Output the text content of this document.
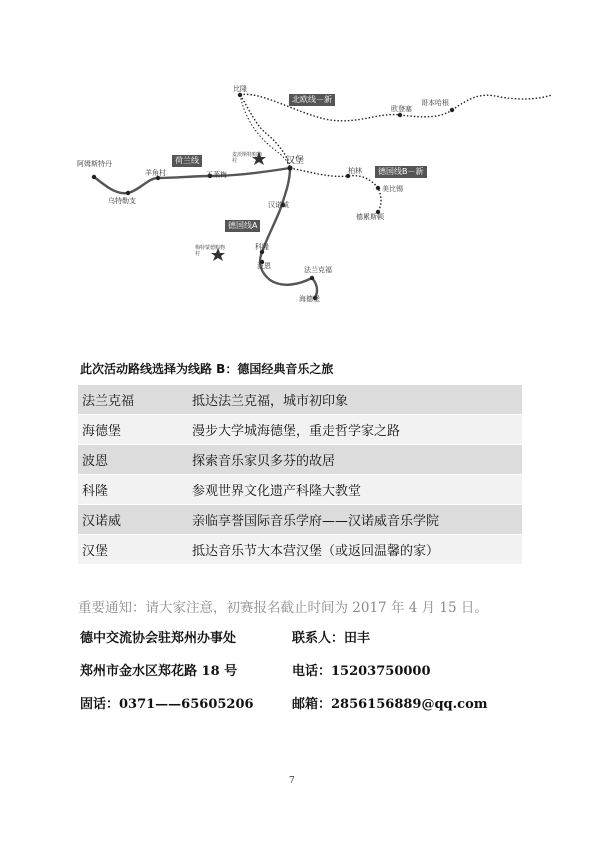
北欧线－新
荷兰线
德国线B－新
德国线A
比隆
欧登塞
哥本哈根
阿姆斯特丹
乌特勒支
羊角村	不莱梅
汉堡
柏林
美比锡
德累斯顿
汉诺威
科隆
波恩	法兰克福
海德堡
麦茨斯特购物村
梅特蒙德购物村
此次活动路线选择为线路 B：德国经典音乐之旅
法兰克福	抵达法兰克福，城市初印象
海德堡	漫步大学城海德堡，重走哲学家之路
波恩	探索音乐家贝多芬的故居
科隆	参观世界文化遗产科隆大教堂
汉诺威	亲临享誉国际音乐学府——汉诺威音乐学院
汉堡	抵达音乐节大本营汉堡（或返回温馨的家）
重要通知：请大家注意，初赛报名截止时间为 2017 年 4 月 15 日。
德中交流协会驻郑州办事处	联系人：田丰
郑州市金水区郑花路 18 号	电话：15203750000
固话：0371——65605206	邮箱：2856156889@qq.com
7
